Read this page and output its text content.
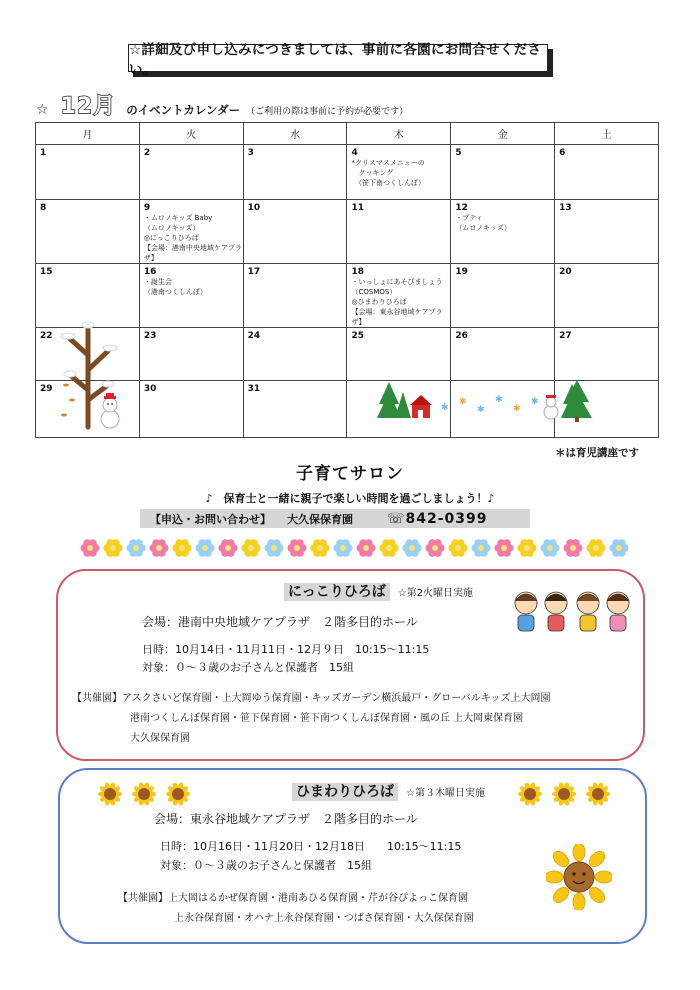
☆詳細及び申し込みにつきましては、事前に各園にお問合せください。
☆ 12月 のイベントカレンダー （ご利用の際は事前に予約が必要です）
月	火	水	木	金	土

1	2	3	4
*クリスマスメニューの
　クッキング
　（笹下南つくしんぼ）	5	6

8	9
・ムロノキッズ Baby
（ムロノキッズ）
◎にっこりひろば
【会場：港南中央地域ケアプラザ】	10	11	12
・プティ
（ムロノキッズ）	13

15	16
・誕生会
（港南つくしんぼ）	17	18
・いっしょにあそびましょう
（COSMOS）
◎ひまわりひろば
【会場：東永谷地域ケアプラザ】	19	20

22	23	24	25	26	27

29	30	31			

✱
✱
✱
✱
✱
✱
＊は育児講座です
子育てサロン
♪　保育士と一緒に親子で楽しい時間を過ごしましょう！♪
【申込・お問い合わせ】 大久保保育園 ☏842-0399
にっこりひろば ☆第2火曜日実施
会場：港南中央地域ケアプラザ　２階多目的ホール
日時：10月14日・11月11日・12月９日　10:15～11:15
対象：０～３歳のお子さんと保護者　15組
【共催園】アスクさいど保育園・上大岡ゆう保育園・キッズガーデン横浜最戸・グローバルキッズ上大岡園
港南つくしんぼ保育園・笹下保育園・笹下南つくしんぼ保育園・風の丘 上大岡東保育園
大久保保育園
ひまわりひろば ☆第３木曜日実施
会場：東永谷地域ケアプラザ　２階多目的ホール
日時：10月16日・11月20日・12月18日　　10:15～11:15
対象：０～３歳のお子さんと保護者　15組
【共催園】上大岡はるかぜ保育園・港南あひる保育園・芹が谷ぴよっこ保育園
上永谷保育園・オハナ上永谷保育園・つばさ保育園・大久保保育園
